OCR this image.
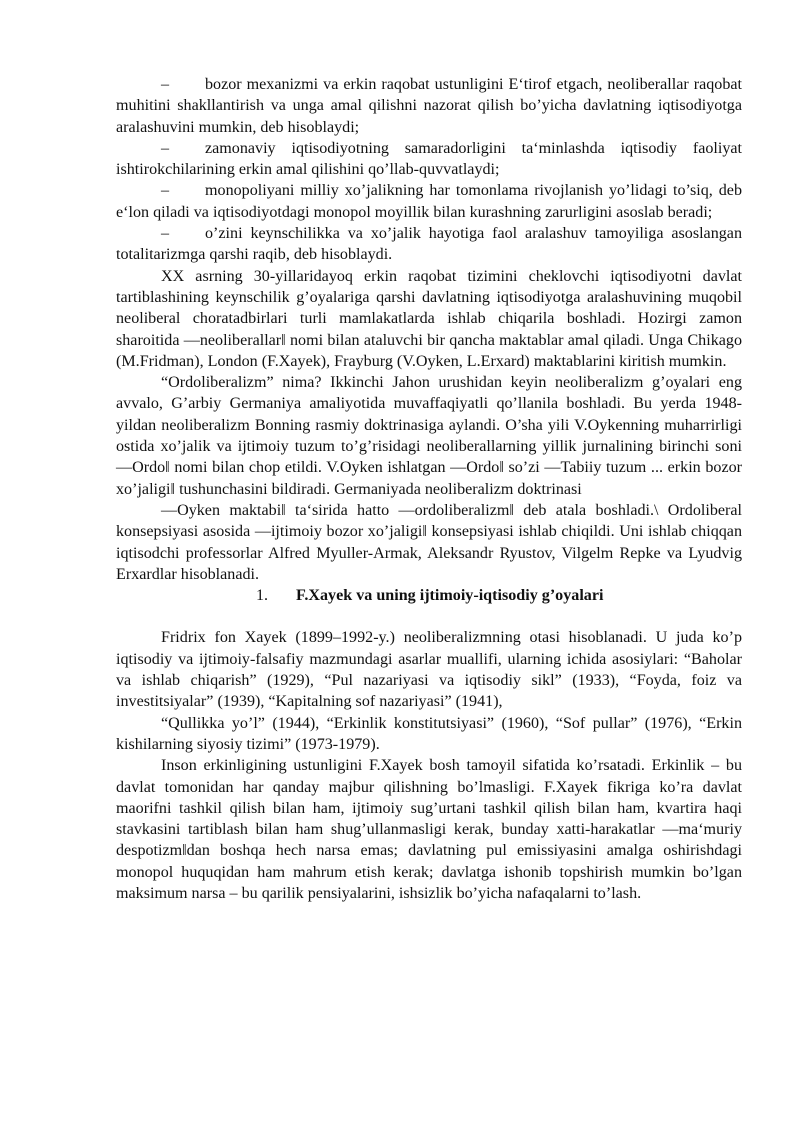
– bozor mexanizmi va erkin raqobat ustunligini E‘tirof etgach, neoliberallar raqobat muhitini shakllantirish va unga amal qilishni nazorat qilish bo’yicha davlatning iqtisodiyotga aralashuvini mumkin, deb hisoblaydi;

– zamonaviy iqtisodiyotning samaradorligini ta‘minlashda iqtisodiy faoliyat ishtirokchilarining erkin amal qilishini qo’llab-quvvatlaydi;

– monopoliyani milliy xo’jalikning har tomonlama rivojlanish yo’lidagi to’siq, deb e‘lon qiladi va iqtisodiyotdagi monopol moyillik bilan kurashning zarurligini asoslab beradi;

– o’zini keynschilikka va xo’jalik hayotiga faol aralashuv tamoyiliga asoslangan totalitarizmga qarshi raqib, deb hisoblaydi.

XX asrning 30-yillaridayoq erkin raqobat tizimini cheklovchi iqtisodiyotni davlat tartiblashining keynschilik g’oyalariga qarshi davlatning iqtisodiyotga aralashuvining muqobil neoliberal choratadbirlari turli mamlakatlarda ishlab chiqarila boshladi. Hozirgi zamon sharoitida ―neoliberallar‖ nomi bilan ataluvchi bir qancha maktablar amal qiladi. Unga Chikago (M.Fridman), London (F.Xayek), Frayburg (V.Oyken, L.Erxard) maktablarini kiritish mumkin.

“Ordoliberalizm” nima? Ikkinchi Jahon urushidan keyin neoliberalizm g’oyalari eng avvalo, G’arbiy Germaniya amaliyotida muvaffaqiyatli qo’llanila boshladi. Bu yerda 1948-yildan neoliberalizm Bonning rasmiy doktrinasiga aylandi. O’sha yili V.Oykenning muharrirligi ostida xo’jalik va ijtimoiy tuzum to’g’risidagi neoliberallarning yillik jurnalining birinchi soni ―Ordo‖ nomi bilan chop etildi. V.Oyken ishlatgan ―Ordo‖ so’zi ―Tabiiy tuzum ... erkin bozor xo’jaligi‖ tushunchasini bildiradi. Germaniyada neoliberalizm doktrinasi

―Oyken maktabi‖ ta‘sirida hatto ―ordoliberalizm‖ deb atala boshladi.\ Ordoliberal konsepsiyasi asosida ―ijtimoiy bozor xo’jaligi‖ konsepsiyasi ishlab chiqildi. Uni ishlab chiqqan iqtisodchi professorlar Alfred Myuller-Armak, Aleksandr Ryustov, Vilgelm Repke va Lyudvig Erxardlar hisoblanadi.

1. F.Xayek va uning ijtimoiy-iqtisodiy g’oyalari

Fridrix fon Xayek (1899–1992-y.) neoliberalizmning otasi hisoblanadi. U juda ko’p iqtisodiy va ijtimoiy-falsafiy mazmundagi asarlar muallifi, ularning ichida asosiylari: “Baholar va ishlab chiqarish” (1929), “Pul nazariyasi va iqtisodiy sikl” (1933), “Foyda, foiz va investitsiyalar” (1939), “Kapitalning sof nazariyasi” (1941),

“Qullikka yo’l” (1944), “Erkinlik konstitutsiyasi” (1960), “Sof pullar” (1976), “Erkin kishilarning siyosiy tizimi” (1973-1979).

Inson erkinligining ustunligini F.Xayek bosh tamoyil sifatida ko’rsatadi. Erkinlik – bu davlat tomonidan har qanday majbur qilishning bo’lmasligi. F.Xayek fikriga ko’ra davlat maorifni tashkil qilish bilan ham, ijtimoiy sug’urtani tashkil qilish bilan ham, kvartira haqi stavkasini tartiblash bilan ham shug’ullanmasligi kerak, bunday xatti-harakatlar ―ma‘muriy despotizm‖dan boshqa hech narsa emas; davlatning pul emissiyasini amalga oshirishdagi monopol huquqidan ham mahrum etish kerak; davlatga ishonib topshirish mumkin bo’lgan maksimum narsa – bu qarilik pensiyalarini, ishsizlik bo’yicha nafaqalarni to’lash.
